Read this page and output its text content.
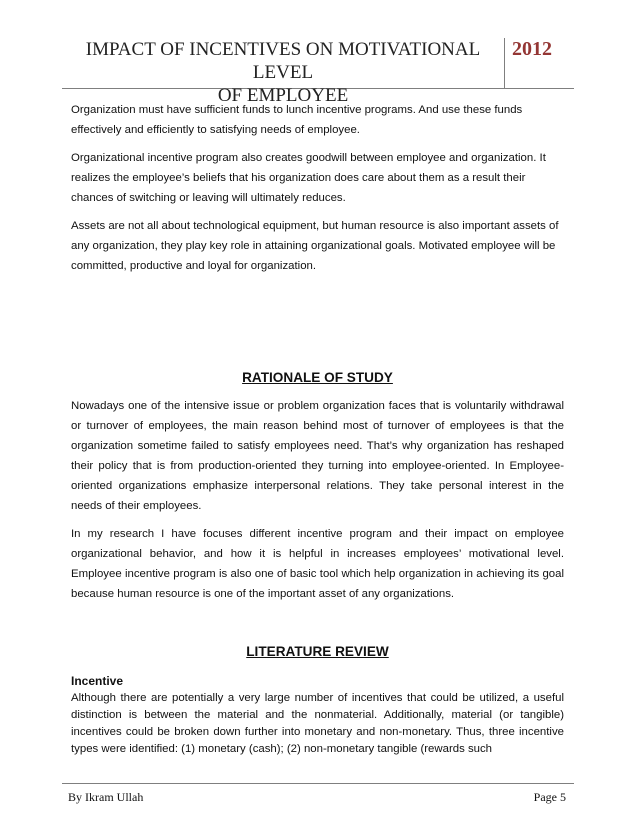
IMPACT OF INCENTIVES ON MOTIVATIONAL LEVEL
OF EMPLOYEE
2012

Organization must have sufficient funds to lunch incentive programs. And use these funds effectively and efficiently to satisfying needs of employee.

Organizational incentive program also creates goodwill between employee and organization. It realizes the employee’s beliefs that his organization does care about them as a result their chances of switching or leaving will ultimately reduces.

Assets are not all about technological equipment, but human resource is also important assets of any organization, they play key role in attaining organizational goals. Motivated employee will be committed, productive and loyal for organization.

RATIONALE OF STUDY

Nowadays one of the intensive issue or problem organization faces that is voluntarily withdrawal or turnover of employees, the main reason behind most of turnover of employees is that the organization sometime failed to satisfy employees need. That’s why organization has reshaped their policy that is from production-oriented they turning into employee-oriented. In Employee-oriented organizations emphasize interpersonal relations. They take personal interest in the needs of their employees.

In my research I have focuses different incentive program and their impact on employee organizational behavior, and how it is helpful in increases employees’ motivational level. Employee incentive program is also one of basic tool which help organization in achieving its goal because human resource is one of the important asset of any organizations.

LITERATURE REVIEW
Incentive

Although there are potentially a very large number of incentives that could be utilized, a useful distinction is between the material and the nonmaterial. Additionally, material (or tangible) incentives could be broken down further into monetary and non-monetary. Thus, three incentive types were identified: (1) monetary (cash); (2) non-monetary tangible (rewards such

By Ikram Ullah	Page 5
